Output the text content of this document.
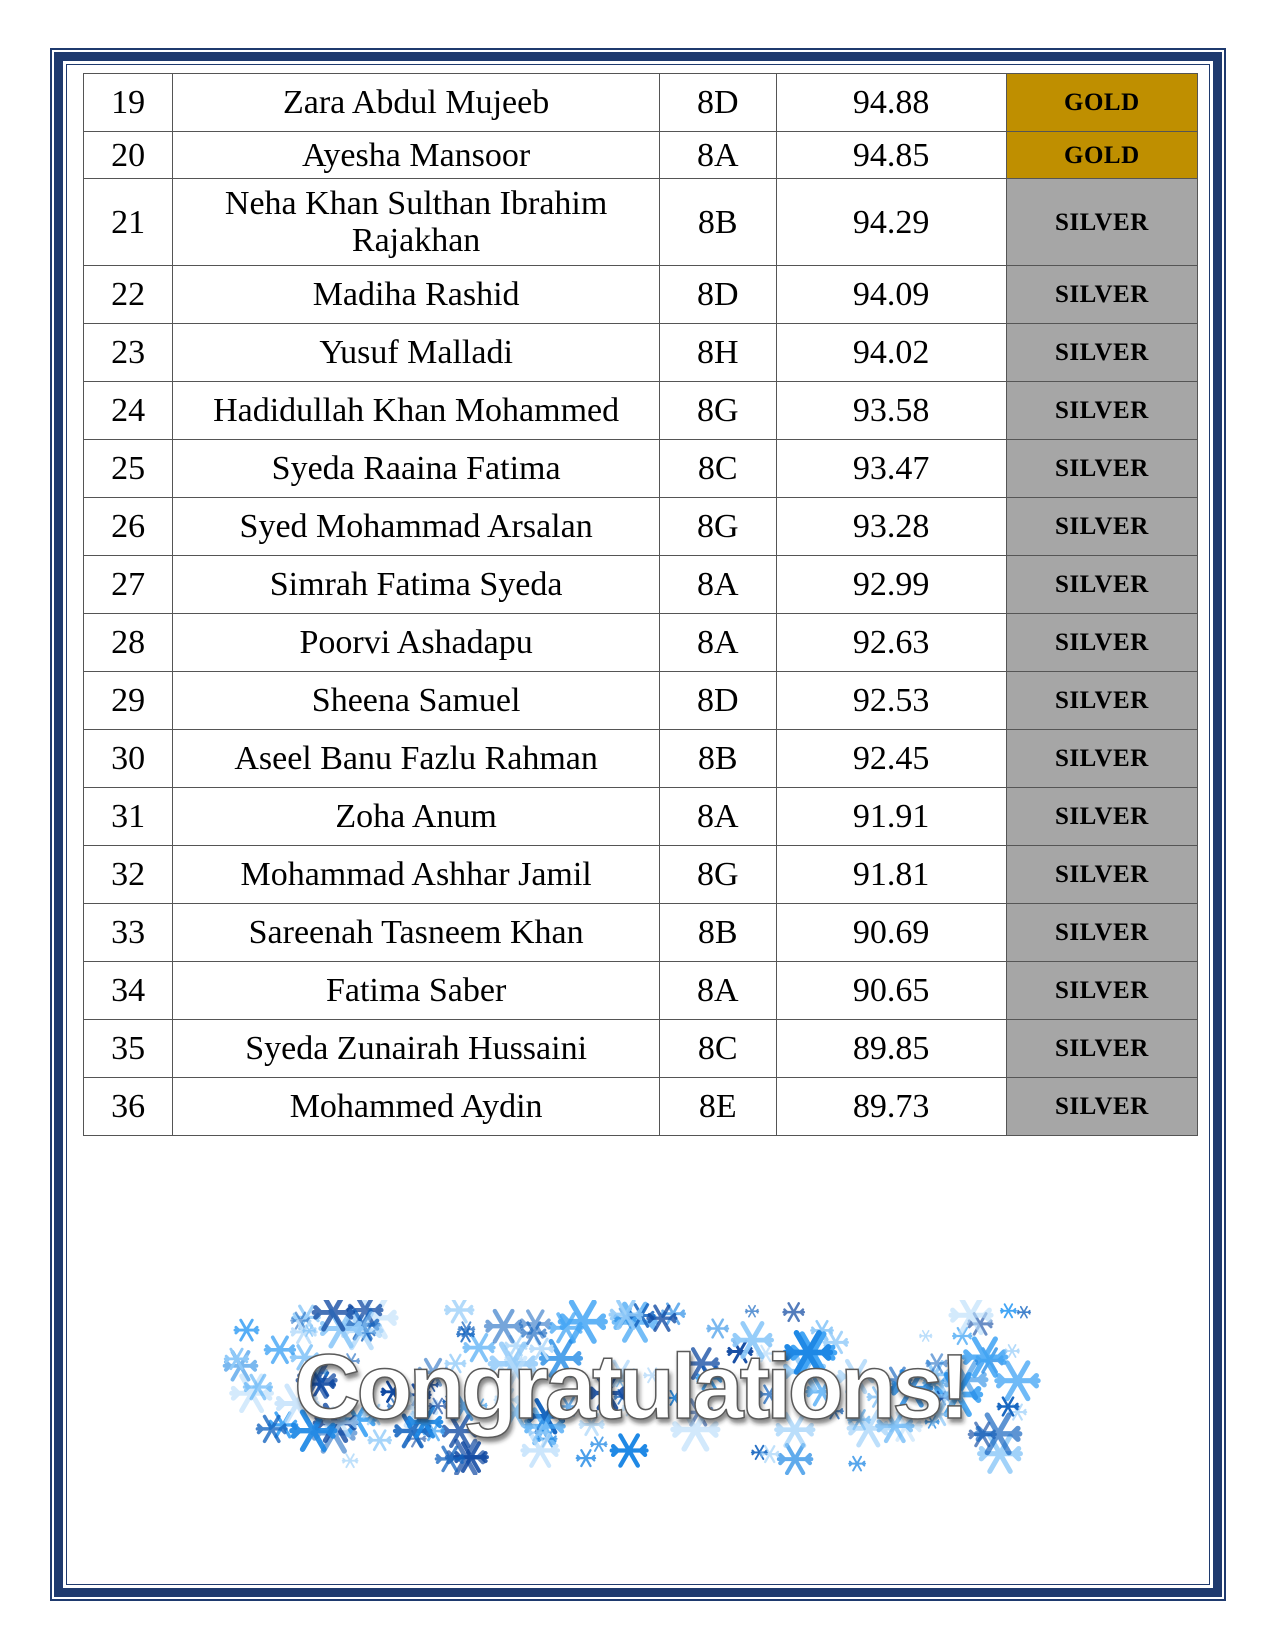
19	Zara Abdul Mujeeb	8D	94.88	GOLD
20	Ayesha Mansoor	8A	94.85	GOLD
21	Neha Khan Sulthan Ibrahim Rajakhan	8B	94.29	SILVER
22	Madiha Rashid	8D	94.09	SILVER
23	Yusuf Malladi	8H	94.02	SILVER
24	Hadidullah Khan Mohammed	8G	93.58	SILVER
25	Syeda Raaina Fatima	8C	93.47	SILVER
26	Syed Mohammad Arsalan	8G	93.28	SILVER
27	Simrah Fatima Syeda	8A	92.99	SILVER
28	Poorvi Ashadapu	8A	92.63	SILVER
29	Sheena Samuel	8D	92.53	SILVER
30	Aseel Banu Fazlu Rahman	8B	92.45	SILVER
31	Zoha Anum	8A	91.91	SILVER
32	Mohammad Ashhar Jamil	8G	91.81	SILVER
33	Sareenah Tasneem Khan	8B	90.69	SILVER
34	Fatima Saber	8A	90.65	SILVER
35	Syeda Zunairah Hussaini	8C	89.85	SILVER
36	Mohammed Aydin	8E	89.73	SILVER
Congratulations!
